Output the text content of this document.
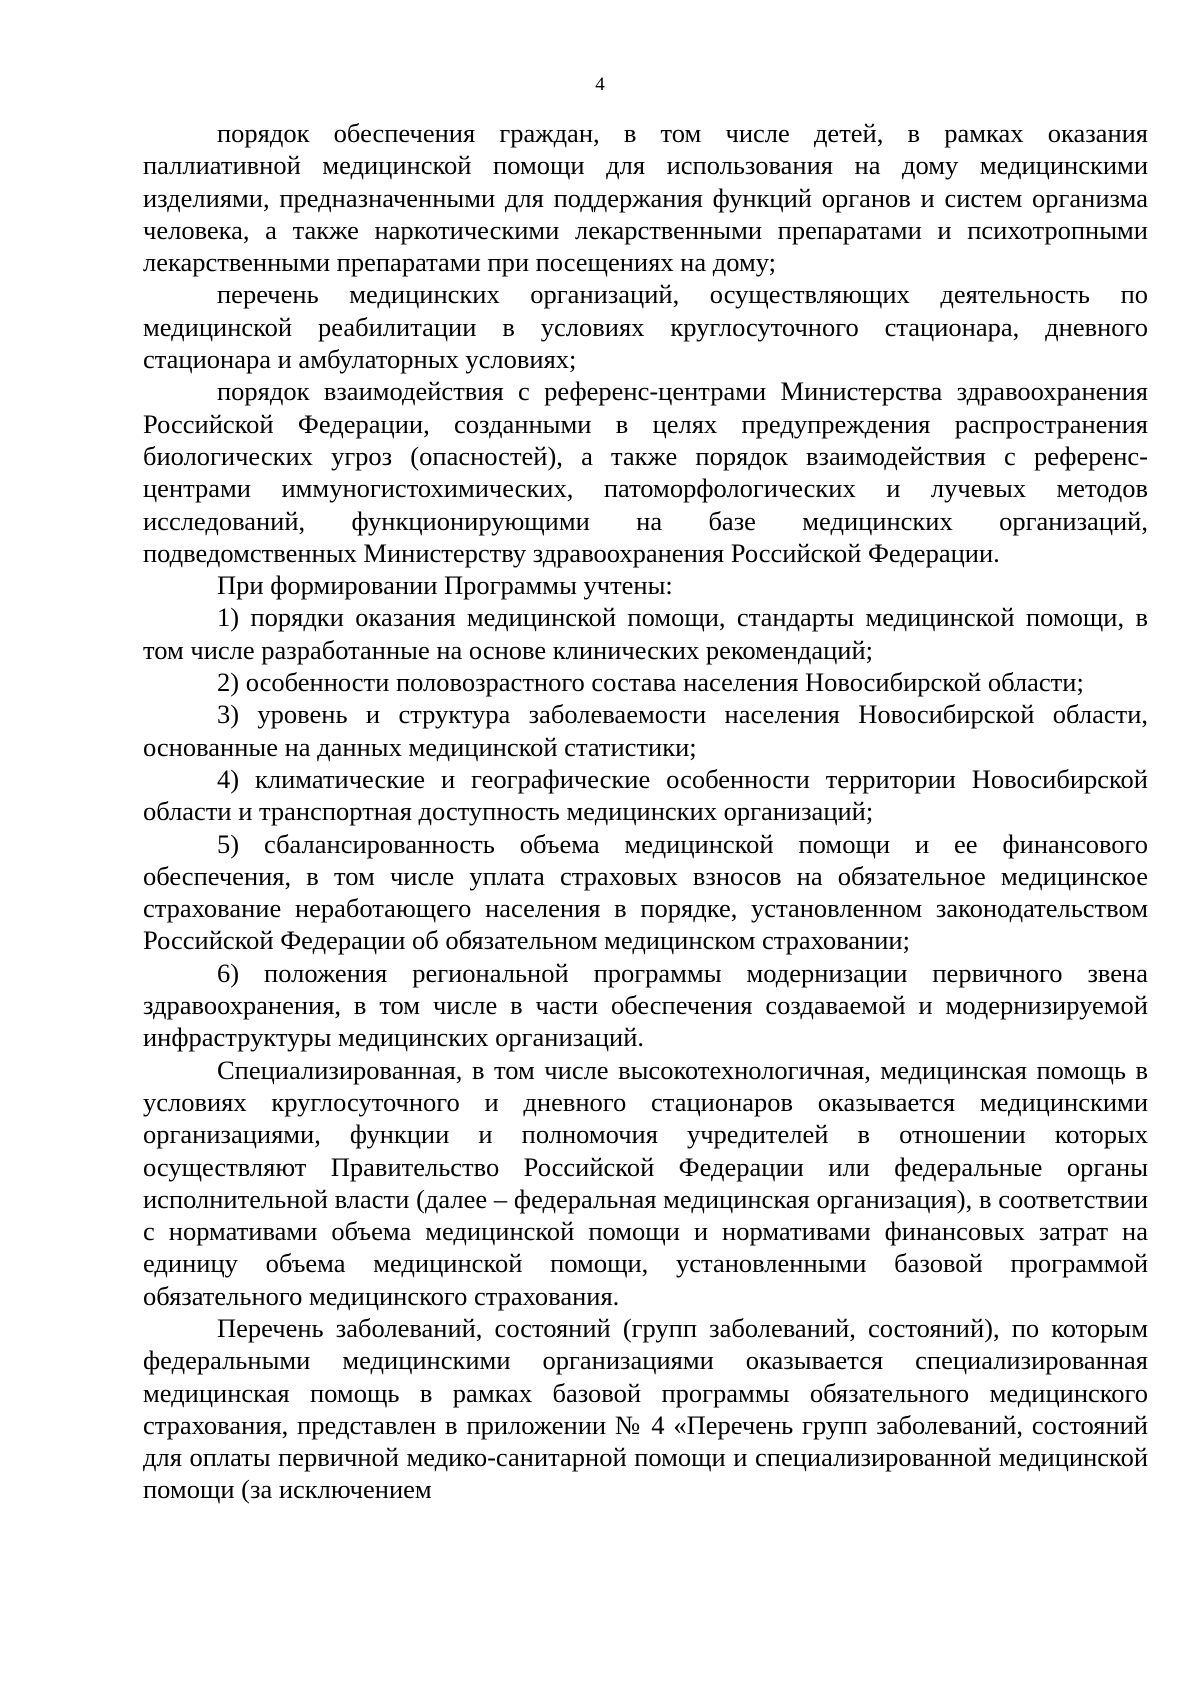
4

порядок обеспечения граждан, в том числе детей, в рамках оказания паллиативной медицинской помощи для использования на дому медицинскими изделиями, предназначенными для поддержания функций органов и систем организма человека, а также наркотическими лекарственными препаратами и психотропными лекарственными препаратами при посещениях на дому;

перечень медицинских организаций, осуществляющих деятельность по медицинской реабилитации в условиях круглосуточного стационара, дневного стационара и амбулаторных условиях;

порядок взаимодействия с референс-центрами Министерства здравоохранения Российской Федерации, созданными в целях предупреждения распространения биологических угроз (опасностей), а также порядок взаимодействия с референс-центрами иммуногистохимических, патоморфологических и лучевых методов исследований, функционирующими на базе медицинских организаций, подведомственных Министерству здравоохранения Российской Федерации.

При формировании Программы учтены:

1) порядки оказания медицинской помощи, стандарты медицинской помощи, в том числе разработанные на основе клинических рекомендаций;

2) особенности половозрастного состава населения Новосибирской области;

3) уровень и структура заболеваемости населения Новосибирской области, основанные на данных медицинской статистики;

4) климатические и географические особенности территории Новосибирской области и транспортная доступность медицинских организаций;

5) сбалансированность объема медицинской помощи и ее финансового обеспечения, в том числе уплата страховых взносов на обязательное медицинское страхование неработающего населения в порядке, установленном законодательством Российской Федерации об обязательном медицинском страховании;

6) положения региональной программы модернизации первичного звена здравоохранения, в том числе в части обеспечения создаваемой и модернизируемой инфраструктуры медицинских организаций.

Специализированная, в том числе высокотехнологичная, медицинская помощь в условиях круглосуточного и дневного стационаров оказывается медицинскими организациями, функции и полномочия учредителей в отношении которых осуществляют Правительство Российской Федерации или федеральные органы исполнительной власти (далее – федеральная медицинская организация), в соответствии с нормативами объема медицинской помощи и нормативами финансовых затрат на единицу объема медицинской помощи, установленными базовой программой обязательного медицинского страхования.

Перечень заболеваний, состояний (групп заболеваний, состояний), по которым федеральными медицинскими организациями оказывается специализированная медицинская помощь в рамках базовой программы обязательного медицинского страхования, представлен в приложении № 4 «Перечень групп заболеваний, состояний для оплаты первичной медико-санитарной помощи и специализированной медицинской помощи (за исключением
